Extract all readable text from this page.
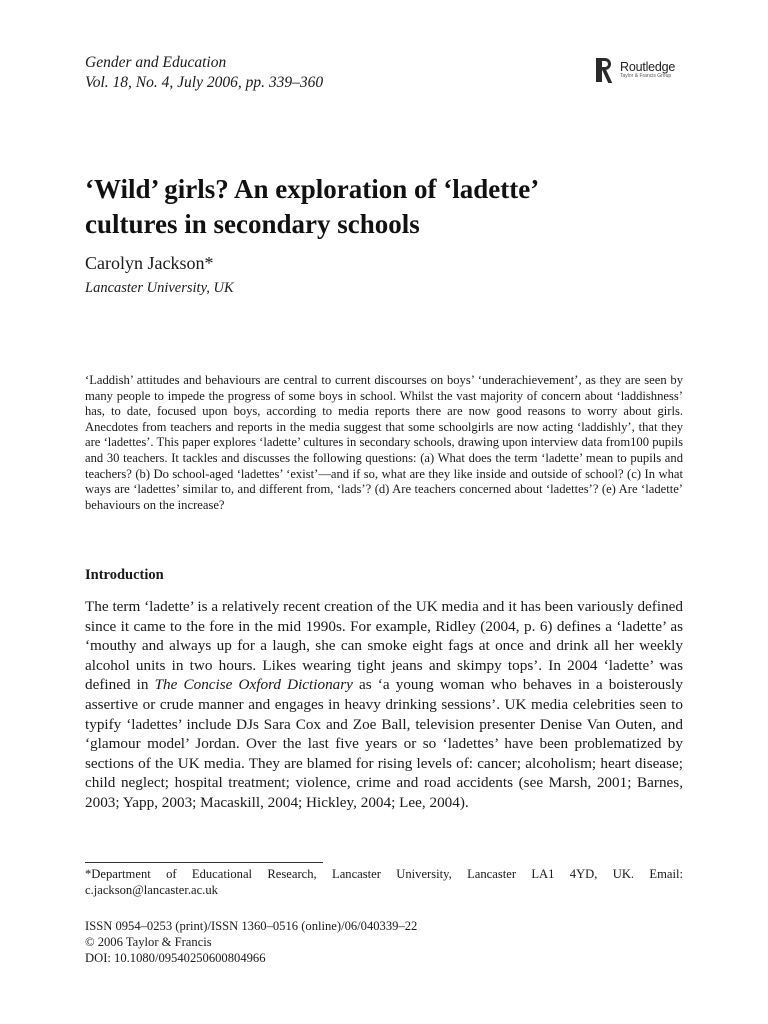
Gender and Education
Vol. 18, No. 4, July 2006, pp. 339–360
Routledge
Taylor & Francis Group
‘Wild’ girls? An exploration of ‘ladette’
cultures in secondary schools
Carolyn Jackson*
Lancaster University, UK

‘Laddish’ attitudes and behaviours are central to current discourses on boys’ ‘underachievement’, as they are seen by many people to impede the progress of some boys in school. Whilst the vast majority of concern about ‘laddishness’ has, to date, focused upon boys, according to media reports there are now good reasons to worry about girls. Anecdotes from teachers and reports in the media suggest that some schoolgirls are now acting ‘laddishly’, that they are ‘ladettes’. This paper explores ‘ladette’ cultures in secondary schools, drawing upon interview data from100 pupils and 30 teachers. It tackles and discusses the following questions: (a) What does the term ‘ladette’ mean to pupils and teachers? (b) Do school-aged ‘ladettes’ ‘exist’—and if so, what are they like inside and outside of school? (c) In what ways are ‘ladettes’ similar to, and different from, ‘lads’? (d) Are teachers concerned about ‘ladettes’? (e) Are ‘ladette’ behaviours on the increase?

Introduction

The term ‘ladette’ is a relatively recent creation of the UK media and it has been variously defined since it came to the fore in the mid 1990s. For example, Ridley (2004, p. 6) defines a ‘ladette’ as ‘mouthy and always up for a laugh, she can smoke eight fags at once and drink all her weekly alcohol units in two hours. Likes wearing tight jeans and skimpy tops’. In 2004 ‘ladette’ was defined in The Concise Oxford Dictionary as ‘a young woman who behaves in a boisterously assertive or crude manner and engages in heavy drinking sessions’. UK media celebrities seen to typify ‘ladettes’ include DJs Sara Cox and Zoe Ball, television presenter Denise Van Outen, and ‘glamour model’ Jordan. Over the last five years or so ‘ladettes’ have been problematized by sections of the UK media. They are blamed for rising levels of: cancer; alcoholism; heart disease; child neglect; hospital treatment; violence, crime and road accidents (see Marsh, 2001; Barnes, 2003; Yapp, 2003; Macaskill, 2004; Hickley, 2004; Lee, 2004).

*Department of Educational Research, Lancaster University, Lancaster LA1 4YD, UK. Email: c.jackson@lancaster.ac.uk

ISSN 0954–0253 (print)/ISSN 1360–0516 (online)/06/040339–22
© 2006 Taylor & Francis
DOI: 10.1080/09540250600804966
